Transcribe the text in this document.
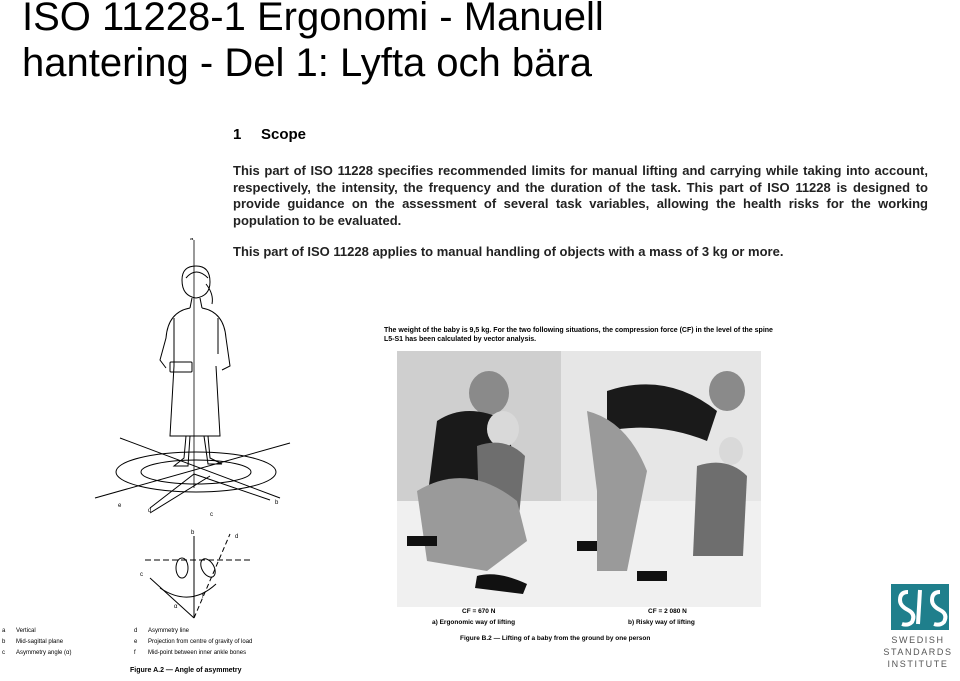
ISO 11228-1 Ergonomi - Manuell
hantering - Del 1: Lyfta och bära
1 Scope

This part of ISO 11228 specifies recommended limits for manual lifting and carrying while taking into account, respectively, the intensity, the frequency and the duration of the task. This part of ISO 11228 is designed to provide guidance on the assessment of several task variables, allowing the health risks for the working population to be evaluated.

This part of ISO 11228 applies to manual handling of objects with a mass of 3 kg or more.

a
e
d
c
b
b
d
c
f
α
a Vertical
b Mid-sagittal plane
c Asymmetry angle (α)
d Asymmetry line
e Projection from centre of gravity of load
f Mid-point between inner ankle bones
Figure A.2 — Angle of asymmetry
The weight of the baby is 9,5 kg. For the two following situations, the compression force (CF) in the level of the spine L5-S1 has been calculated by vector analysis.
CF = 670 N
a) Ergonomic way of lifting
CF = 2 080 N
b) Risky way of lifting
Figure B.2 — Lifting of a baby from the ground by one person	SWEDISH
STANDARDS
INSTITUTE
